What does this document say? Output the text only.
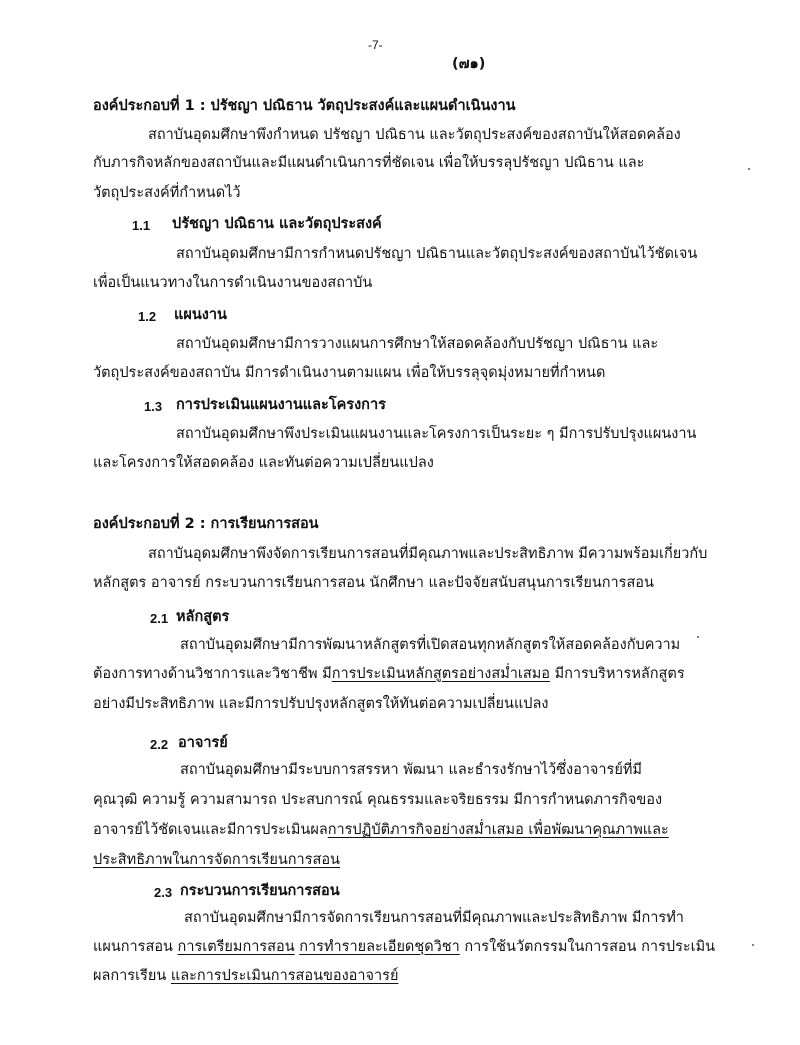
-7-
(๗๑)
องค์ประกอบที่ 1 : ปรัชญา ปณิธาน วัตถุประสงค์และแผนดำเนินงาน
สถาบันอุดมศึกษาพึงกำหนด ปรัชญา ปณิธาน และวัตถุประสงค์ของสถาบันให้สอดคล้อง
กับภารกิจหลักของสถาบันและมีแผนดำเนินการที่ชัดเจน เพื่อให้บรรลุปรัชญา ปณิธาน และ
วัตถุประสงค์ที่กำหนดไว้
1.1 ปรัชญา ปณิธาน และวัตถุประสงค์
สถาบันอุดมศึกษามีการกำหนดปรัชญา ปณิธานและวัตถุประสงค์ของสถาบันไว้ชัดเจน
เพื่อเป็นแนวทางในการดำเนินงานของสถาบัน
1.2 แผนงาน
สถาบันอุดมศึกษามีการวางแผนการศึกษาให้สอดคล้องกับปรัชญา ปณิธาน และ
วัตถุประสงค์ของสถาบัน มีการดำเนินงานตามแผน เพื่อให้บรรลุจุดมุ่งหมายที่กำหนด
1.3 การประเมินแผนงานและโครงการ
สถาบันอุดมศึกษาพึงประเมินแผนงานและโครงการเป็นระยะ ๆ มีการปรับปรุงแผนงาน
และโครงการให้สอดคล้อง และทันต่อความเปลี่ยนแปลง
องค์ประกอบที่ 2 : การเรียนการสอน
สถาบันอุดมศึกษาพึงจัดการเรียนการสอนที่มีคุณภาพและประสิทธิภาพ มีความพร้อมเกี่ยวกับ
หลักสูตร อาจารย์ กระบวนการเรียนการสอน นักศึกษา และปัจจัยสนับสนุนการเรียนการสอน
2.1 หลักสูตร
สถาบันอุดมศึกษามีการพัฒนาหลักสูตรที่เปิดสอนทุกหลักสูตรให้สอดคล้องกับความ
ต้องการทางด้านวิชาการและวิชาชีพ มีการประเมินหลักสูตรอย่างสม่ำเสมอ มีการบริหารหลักสูตร
อย่างมีประสิทธิภาพ และมีการปรับปรุงหลักสูตรให้ทันต่อความเปลี่ยนแปลง
2.2 อาจารย์
สถาบันอุดมศึกษามีระบบการสรรหา พัฒนา และธำรงรักษาไว้ซึ่งอาจารย์ที่มี
คุณวุฒิ ความรู้ ความสามารถ ประสบการณ์ คุณธรรมและจริยธรรม มีการกำหนดภารกิจของ
อาจารย์ไว้ชัดเจนและมีการประเมินผลการปฏิบัติภารกิจอย่างสม่ำเสมอ เพื่อพัฒนาคุณภาพและ
ประสิทธิภาพในการจัดการเรียนการสอน
2.3 กระบวนการเรียนการสอน
สถาบันอุดมศึกษามีการจัดการเรียนการสอนที่มีคุณภาพและประสิทธิภาพ มีการทำ
แผนการสอน การเตรียมการสอน การทำรายละเอียดชุดวิชา การใช้นวัตกรรมในการสอน การประเมิน
ผลการเรียน และการประเมินการสอนของอาจารย์
